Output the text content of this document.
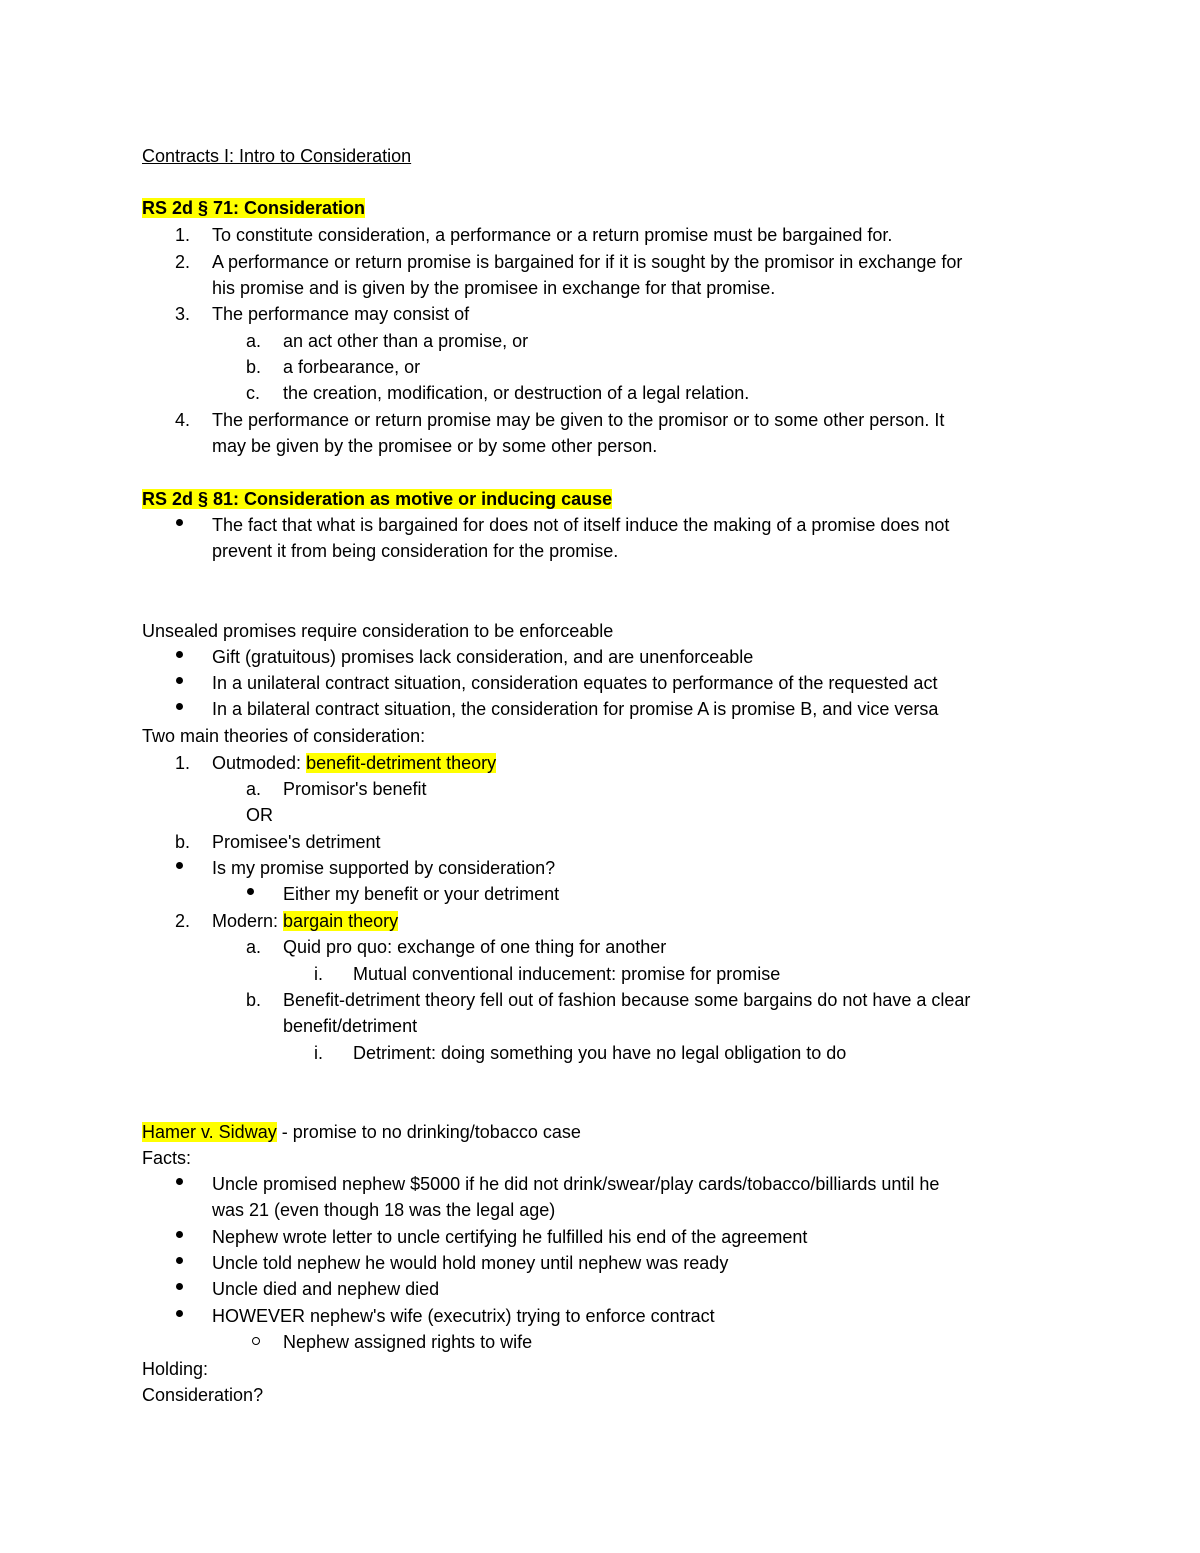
Contracts I: Intro to Consideration
RS 2d § 71: Consideration
1. To constitute consideration, a performance or a return promise must be bargained for.
2. A performance or return promise is bargained for if it is sought by the promisor in exchange for
his promise and is given by the promisee in exchange for that promise.
3. The performance may consist of
a. an act other than a promise, or
b. a forbearance, or
c. the creation, modification, or destruction of a legal relation.
4. The performance or return promise may be given to the promisor or to some other person. It
may be given by the promisee or by some other person.
RS 2d § 81: Consideration as motive or inducing cause
The fact that what is bargained for does not of itself induce the making of a promise does not
prevent it from being consideration for the promise.
Unsealed promises require consideration to be enforceable
Gift (gratuitous) promises lack consideration, and are unenforceable
In a unilateral contract situation, consideration equates to performance of the requested act
In a bilateral contract situation, the consideration for promise A is promise B, and vice versa
Two main theories of consideration:
1. Outmoded: benefit-detriment theory
a. Promisor's benefit
OR
b. Promisee's detriment
Is my promise supported by consideration?
Either my benefit or your detriment
2. Modern: bargain theory
a. Quid pro quo: exchange of one thing for another
i. Mutual conventional inducement: promise for promise
b. Benefit-detriment theory fell out of fashion because some bargains do not have a clear
benefit/detriment
i. Detriment: doing something you have no legal obligation to do
Hamer v. Sidway - promise to no drinking/tobacco case
Facts:
Uncle promised nephew $5000 if he did not drink/swear/play cards/tobacco/billiards until he
was 21 (even though 18 was the legal age)
Nephew wrote letter to uncle certifying he fulfilled his end of the agreement
Uncle told nephew he would hold money until nephew was ready
Uncle died and nephew died
HOWEVER nephew's wife (executrix) trying to enforce contract
Nephew assigned rights to wife
Holding:
Consideration?
